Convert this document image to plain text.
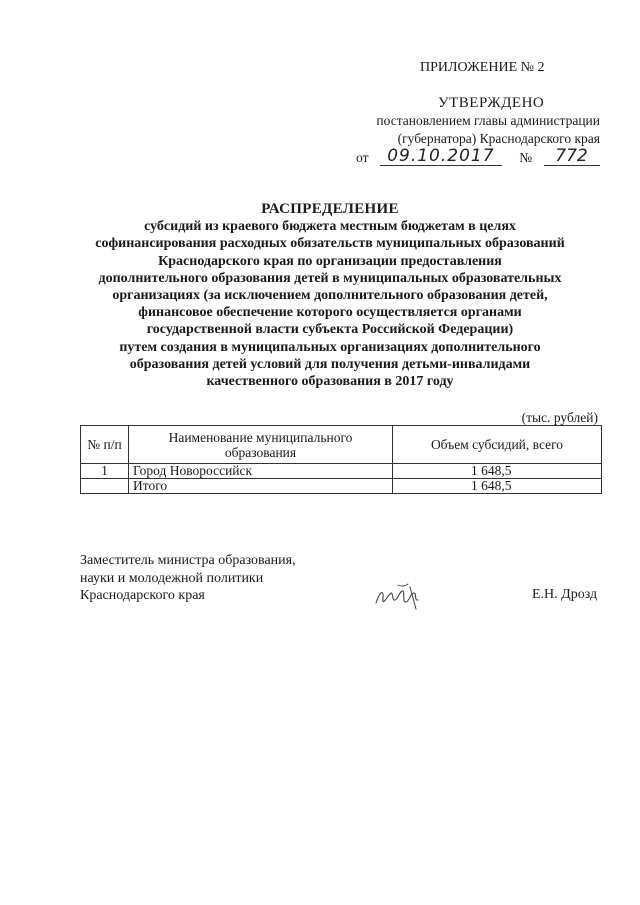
ПРИЛОЖЕНИЕ № 2
УТВЕРЖДЕНО
постановлением главы администрации
(губернатора) Краснодарского края
от 09.10.2017 № 772
РАСПРЕДЕЛЕНИЕ
субсидий из краевого бюджета местным бюджетам в целях
софинансирования расходных обязательств муниципальных образований
Краснодарского края по организации предоставления
дополнительного образования детей в муниципальных образовательных
организациях (за исключением дополнительного образования детей,
финансовое обеспечение которого осуществляется органами
государственной власти субъекта Российской Федерации)
путем создания в муниципальных организациях дополнительного
образования детей условий для получения детьми-инвалидами
качественного образования в 2017 году
(тыс. рублей)
№ п/п	Наименование муниципального образования	Объем субсидий, всего
1	Город Новороссийск	1 648,5
	Итого	1 648,5
Заместитель министра образования,
науки и молодежной политики
Краснодарского края	Е.Н. Дрозд
